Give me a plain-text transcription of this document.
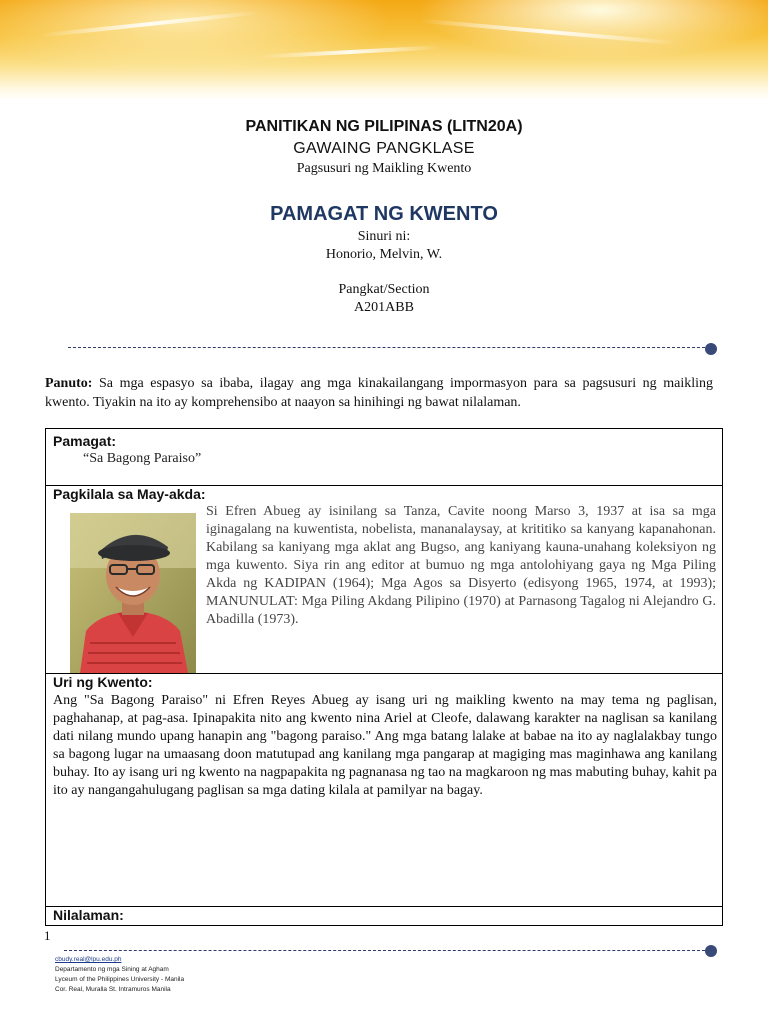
PANITIKAN NG PILIPINAS (LITN20A)
GAWAING PANGKLASE
Pagsusuri ng Maikling Kwento
PAMAGAT NG KWENTO
Sinuri ni:
Honorio, Melvin, W.
Pangkat/Section
A201ABB
Panuto: Sa mga espasyo sa ibaba, ilagay ang mga kinakailangang impormasyon para sa pagsusuri ng maikling kwento. Tiyakin na ito ay komprehensibo at naayon sa hinihingi ng bawat nilalaman.
Pamagat:
“Sa Bagong Paraiso”
Pagkilala sa May-akda:
Si Efren Abueg ay isinilang sa Tanza, Cavite noong Marso 3, 1937 at isa sa mga iginagalang na kuwentista, nobelista, mananalaysay, at krititiko sa kanyang kapanahonan. Kabilang sa kaniyang mga aklat ang Bugso, ang kaniyang kauna-unahang koleksiyon ng mga kuwento. Siya rin ang editor at bumuo ng mga antolohiyang gaya ng Mga Piling Akda ng KADIPAN (1964); Mga Agos sa Disyerto (edisyong 1965, 1974, at 1993); MANUNULAT: Mga Piling Akdang Pilipino (1970) at Parnasong Tagalog ni Alejandro G. Abadilla (1973).
Uri ng Kwento:
Ang "Sa Bagong Paraiso" ni Efren Reyes Abueg ay isang uri ng maikling kwento na may tema ng paglisan, paghahanap, at pag-asa. Ipinapakita nito ang kwento nina Ariel at Cleofe, dalawang karakter na naglisan sa kanilang dati nilang mundo upang hanapin ang "bagong paraiso." Ang mga batang lalake at babae na ito ay naglalakbay tungo sa bagong lugar na umaasang doon matutupad ang kanilang mga pangarap at magiging mas maginhawa ang kanilang buhay. Ito ay isang uri ng kwento na nagpapakita ng pagnanasa ng tao na magkaroon ng mas mabuting buhay, kahit pa ito ay nangangahulugang paglisan sa mga dating kilala at pamilyar na bagay.
Nilalaman:
1
cbudy.real@lpu.edu.ph
Departamento ng mga Sining at Agham
Lyceum of the Philippines University - Manila
Cor. Real, Muralla St. Intramuros Manila
